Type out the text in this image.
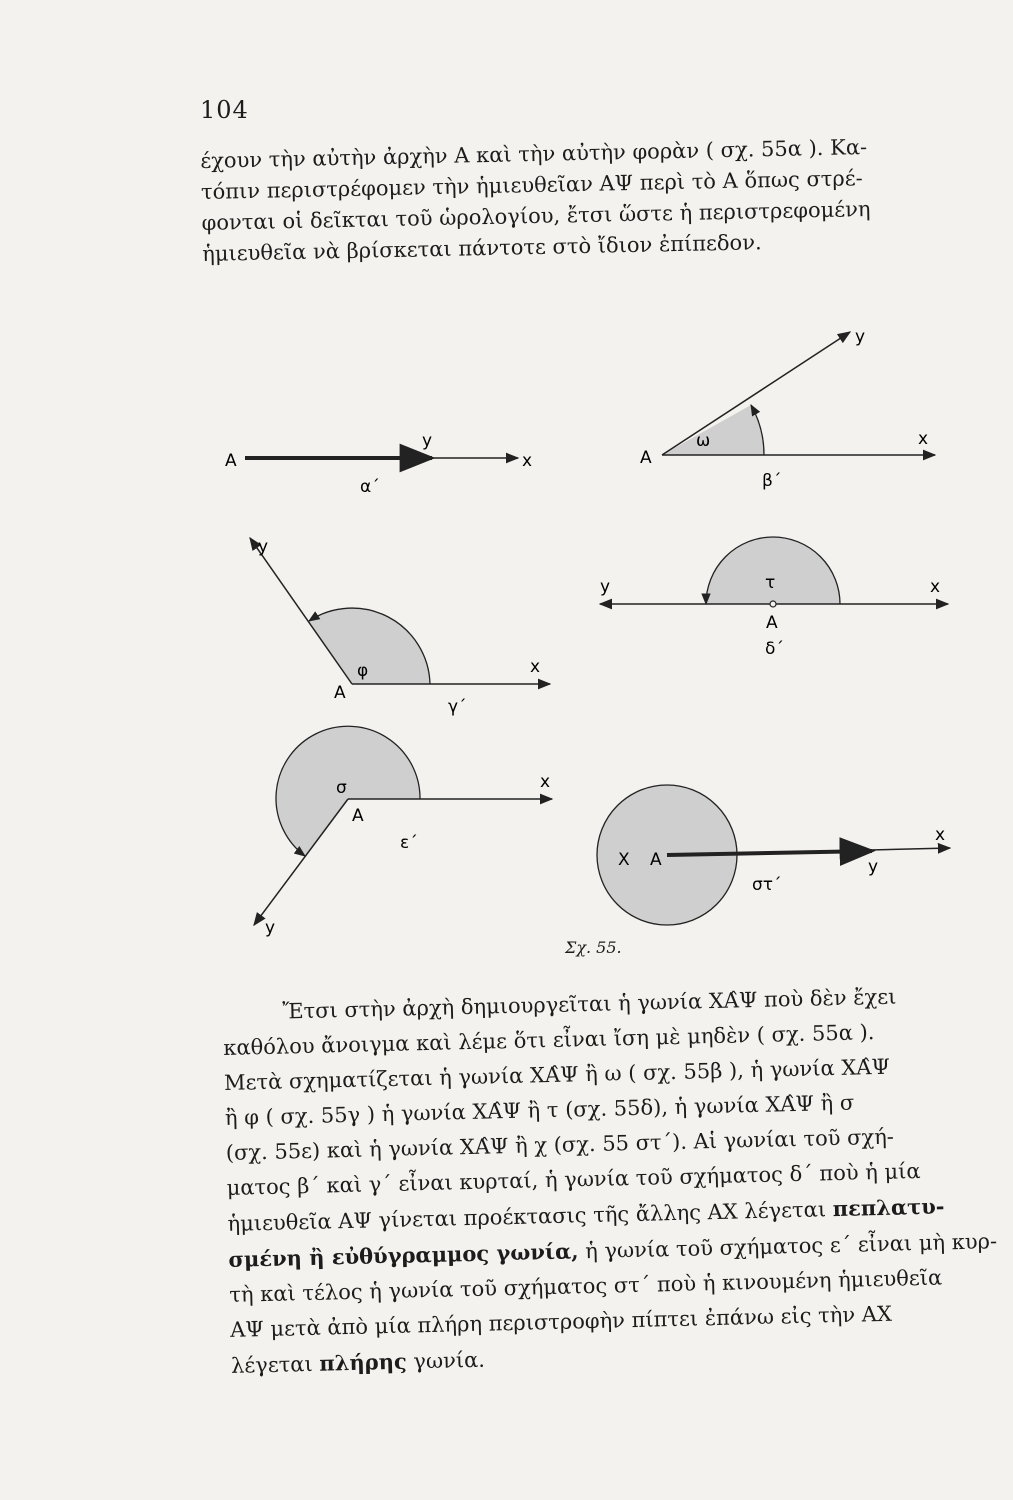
104
έχουν τὴν αὐτὴν ἀρχὴν Α καὶ τὴν αὐτὴν φορὰν ( σχ. 55α ). Κα-
τόπιν περιστρέφομεν τὴν ἡμιευθεῖαν ΑΨ περὶ τὸ Α ὅπως στρέ-
φονται οἱ δεῖκται τοῦ ὡρολογίου, ἔτσι ὥστε ἡ περιστρεφομένη
ἡμιευθεῖα νὰ βρίσκεται πάντοτε στὸ ἴδιον ἐπίπεδον.
A
y
x
α΄
A
y
x
ω
β΄
A
y
x
φ
γ΄
y	x
τ
Α
δ΄
σ
Α
x
y
ε΄
Χ A
x
y
στ΄
Σχ. 55.
Ἔτσι στὴν ἀρχὴ δημιουργεῖται ἡ γωνία ΧΑ̂Ψ ποὺ δὲν ἔχει
καθόλου ἄνοιγμα καὶ λέμε ὅτι εἶναι ἴση μὲ μηδὲν ( σχ. 55α ).
Μετὰ σχηματίζεται ἡ γωνία ΧΑ̂Ψ ἢ ω ( σχ. 55β ), ἡ γωνία ΧΑ̂Ψ
ἢ φ ( σχ. 55γ ) ἡ γωνία ΧΑ̂Ψ ἢ τ (σχ. 55δ), ἡ γωνία ΧΑ̂Ψ ἢ σ
(σχ. 55ε) καὶ ἡ γωνία ΧΑ̂Ψ ἢ χ (σχ. 55 στ΄). Αἱ γωνίαι τοῦ σχή-
ματος β΄ καὶ γ΄ εἶναι κυρταί, ἡ γωνία τοῦ σχήματος δ΄ ποὺ ἡ μία
ἡμιευθεῖα ΑΨ γίνεται προέκτασις τῆς ἄλλης ΑΧ λέγεται πεπλατυ-
σμένη ἢ εὐθύγραμμος γωνία, ἡ γωνία τοῦ σχήματος ε΄ εἶναι μὴ κυρ-
τὴ καὶ τέλος ἡ γωνία τοῦ σχήματος στ΄ ποὺ ἡ κινουμένη ἡμιευθεῖα
ΑΨ μετὰ ἀπὸ μία πλήρη περιστροφὴν πίπτει ἐπάνω εἰς τὴν ΑΧ
λέγεται πλήρης γωνία.
